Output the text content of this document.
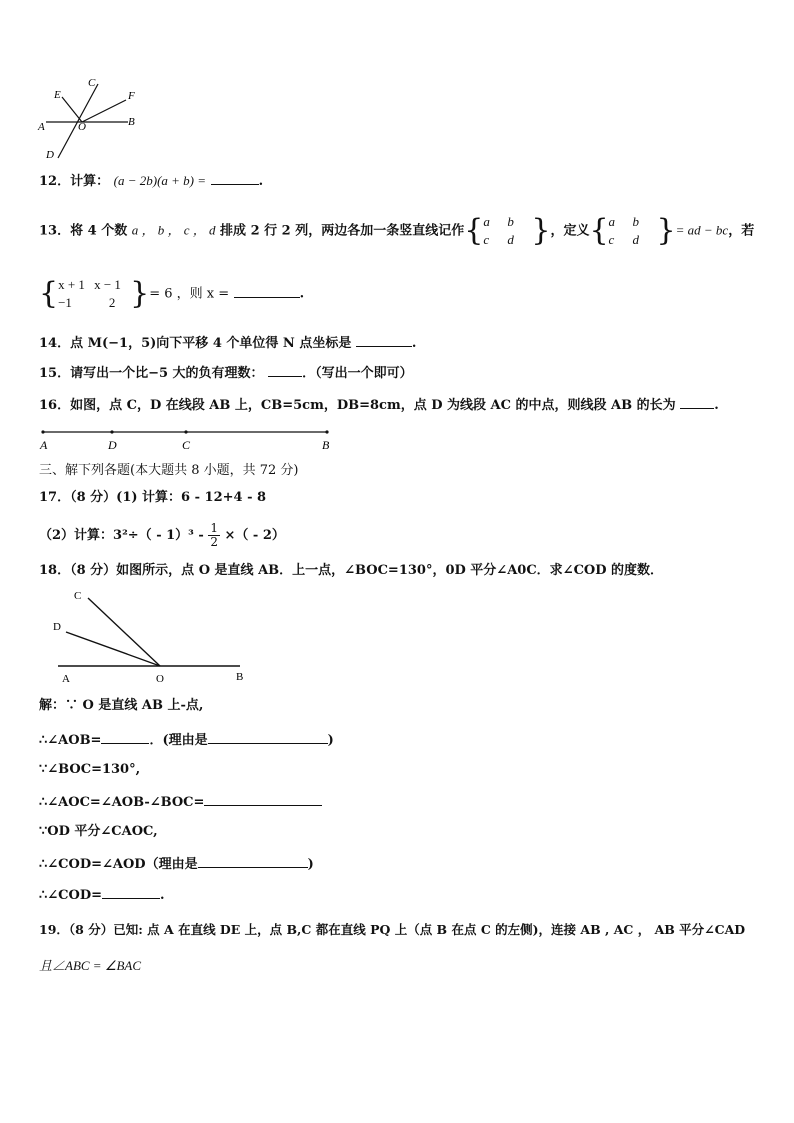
A	B
C
D
E	F
O
12．计算： (a − 2b)(a + b) =	.
13．将 4 个数 a ， b ， c ， d 排成 2 行 2 列，两边各加一条竖直线记作{a b
c d }，定义{a b
c d }= ad − bc，若
{x + 1 x − 1
−1	2 }= 6 ，则 x =	.
14．点 M(−1，5)向下平移 4 个单位得 N 点坐标是	.
15．请写出一个比−5 大的负有理数：	．（写出一个即可）
16．如图，点 C，D 在线段 AB 上，CB=5cm，DB=8cm，点 D 为线段 AC 的中点，则线段 AB 的长为	.
A	D	C	B
三、解下列各题(本大题共 8 小题，共 72 分)
17．（8 分）(1) 计算：6 - 12+4 - 8
（2）计算：$3^2\div( - 1)^3 - \frac{1}{2}$ ×（ - 2）
18．（8 分）如图所示，点 O 是直线 AB．上一点，∠BOC=130°，0D 平分∠A0C．求∠COD 的度数．
C
D
A	O	B
解：∵ O 是直线 AB 上-点,
∴∠AOB=	．(理由是	)
∵∠BOC=130°,
∴∠AOC=∠AOB-∠BOC=
∵OD 平分∠CAOC,
∴∠COD=∠AOD（理由是	)
∴∠COD=	.
19．（8 分）已知: 点 A 在直线 DE 上，点 B,C 都在直线 PQ 上（点 B 在点 C 的左侧)，连接 AB , AC ， AB 平分∠CAD
且∠ABC = ∠BAC
